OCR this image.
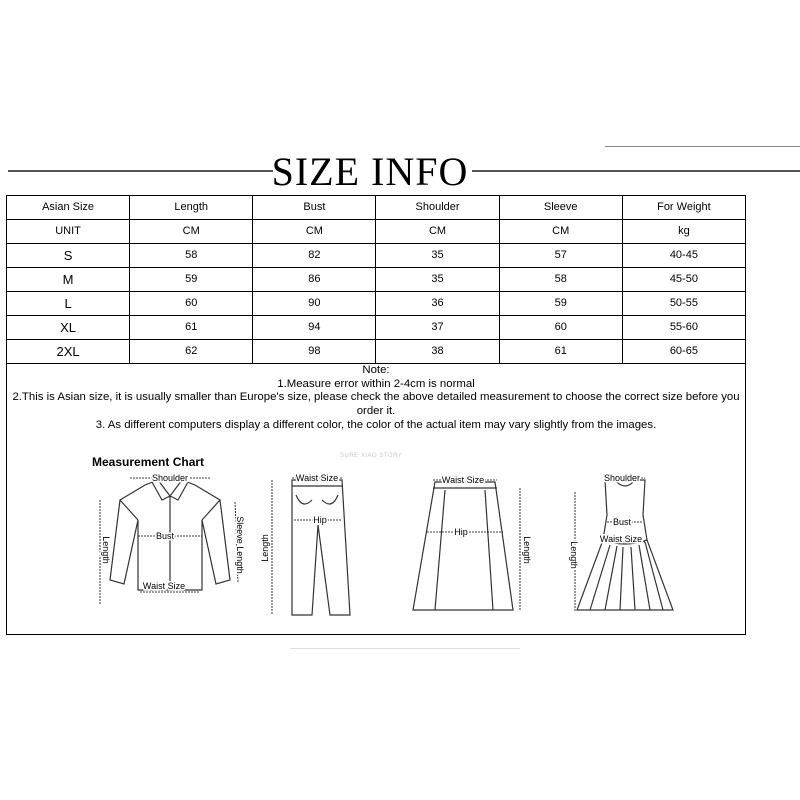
SIZE INFO
Asian Size	Length	Bust	Shoulder	Sleeve	For Weight
UNIT	CM	CM	CM	CM	kg
S	58	82	35	57	40-45
M	59	86	35	58	45-50
L	60	90	36	59	50-55
XL	61	94	37	60	55-60
2XL	62	98	38	61	60-65
Note:
1.Measure error within 2-4cm is normal
2.This is Asian size, it is usually smaller than Europe's size, please check the above detailed measurement to choose the correct size before you order it.
3. As different computers display a different color, the color of the actual item may vary slightly from the images.
Measurement Chart	SURE XIAO STORY
Shoulder
Bust
Waist Size
Length	Sleeve Length
Waist Size
Hip
Length
Waist Size
Hip
Length
Shoulder
Bust
Waist Size
Length
